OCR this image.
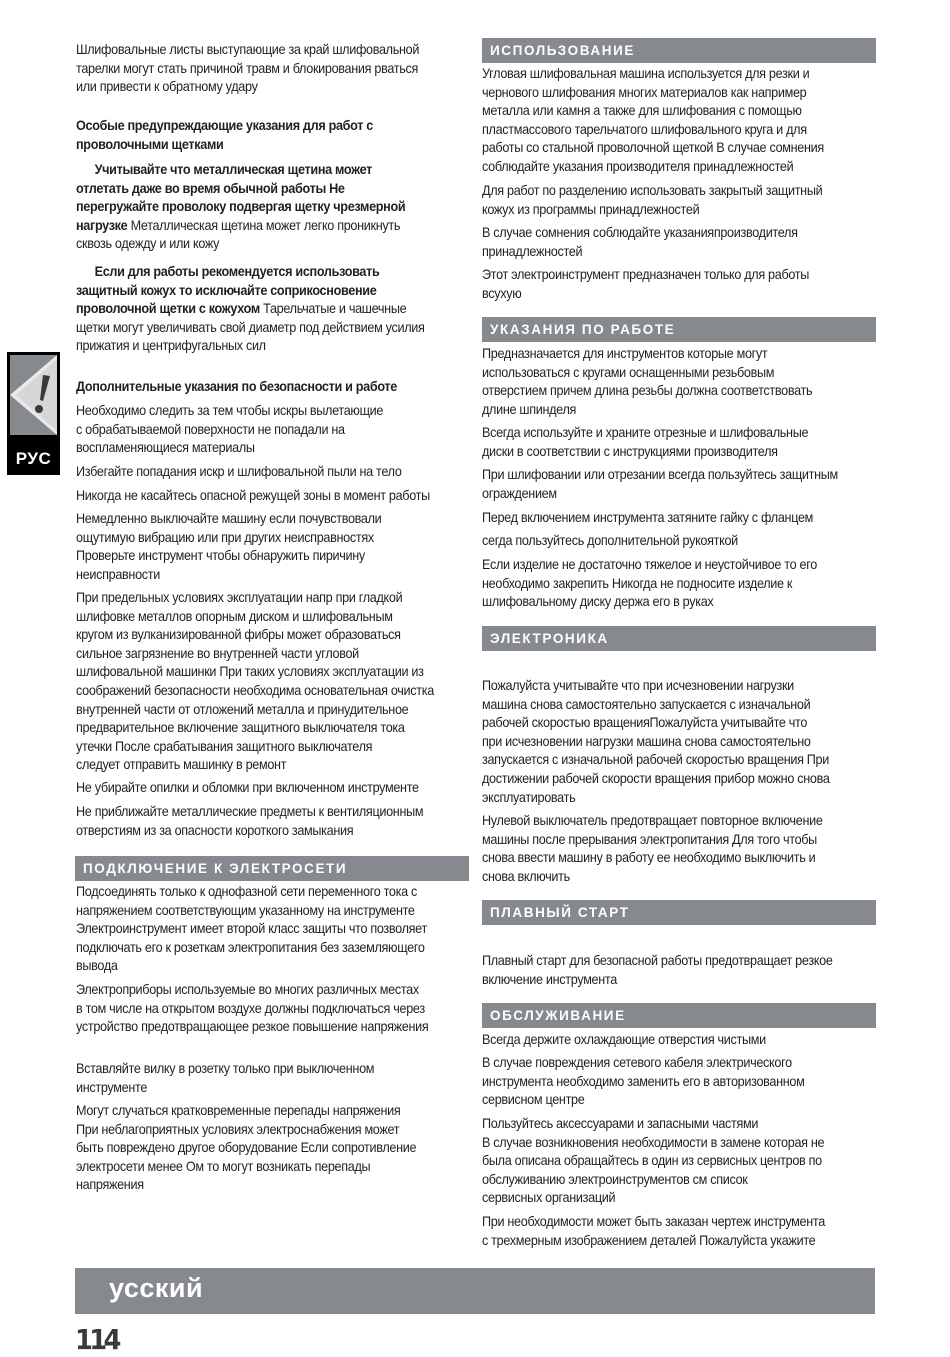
РУС

Шлифовальные листы выступающие за край шлифовальной
тарелки могут стать причиной травм и блокирования рваться
или привести к обратному удару

Особые предупреждающие указания для работ с
проволочными щетками

Учитывайте что металлическая щетина может
отлетать даже во время обычной работы Не
перегружайте проволоку подвергая щетку чрезмерной
нагрузке Металлическая щетина может легко проникнуть
сквозь одежду и или кожу

Если для работы рекомендуется использовать
защитный кожух то исключайте соприкосновение
проволочной щетки с кожухом Тарельчатые и чашечные
щетки могут увеличивать свой диаметр под действием усилия
прижатия и центрифугальных сил

Дополнительные указания по безопасности и работе

Необходимо следить за тем чтобы искры вылетающие
с обрабатываемой поверхности не попадали на
воспламеняющиеся материалы

Избегайте попадания искр и шлифовальной пыли на тело

Никогда не касайтесь опасной режущей зоны в момент работы

Немедленно выключайте машину если почувствовали
ощутимую вибрацию или при других неисправностях
Проверьте инструмент чтобы обнаружить пиричину
неисправности

При предельных условиях эксплуатации напр при гладкой
шлифовке металлов опорным диском и шлифовальным
кругом из вулканизированной фибры может образоваться
сильное загрязнение во внутренней части угловой
шлифовальной машинки При таких условиях эксплуатации из
соображений безопасности необходима основательная очистка
внутренней части от отложений металла и принудительное
предварительное включение защитного выключателя тока
утечки После срабатывания защитного выключателя
следует отправить машинку в ремонт

Не убирайте опилки и обломки при включенном инструменте

Не приближайте металлические предметы к вентиляционным
отверстиям из за опасности короткого замыкания

ПОДКЛЮЧЕНИЕ К ЭЛЕКТРОСЕТИ

Подсоединять только к однофазной сети переменного тока с
напряжением соответствующим указанному на инструменте
Электроинструмент имеет второй класс защиты что позволяет
подключать его к розеткам электропитания без заземляющего
вывода

Электроприборы используемые во многих различных местах
в том числе на открытом воздухе должны подключаться через
устройство предотвращающее резкое повышение напряжения

Вставляйте вилку в розетку только при выключенном
инструменте

Могут случаться кратковременные перепады напряжения
При неблагоприятных условиях электроснабжения может
быть повреждено другое оборудование Если сопротивление
электросети менее Ом то могут возникать перепады
напряжения

ИСПОЛЬЗОВАНИЕ

Угловая шлифовальная машина используется для резки и
чернового шлифования многих материалов как например
металла или камня а также для шлифования с помощью
пластмассового тарельчатого шлифовального круга и для
работы со стальной проволочной щеткой В случае сомнения
соблюдайте указания производителя принадлежностей

Для работ по разделению использовать закрытый защитный
кожух из программы принадлежностей

В случае сомнения соблюдайте указанияпроизводителя
принадлежностей

Этот электроинструмент предназначен только для работы
всухую

УКАЗАНИЯ ПО РАБОТЕ

Предназначается для инструментов которые могут
использоваться с кругами оснащенными резьбовым
отверстием причем длина резьбы должна соответствовать
длине шпинделя

Всегда используйте и храните отрезные и шлифовальные
диски в соответствии с инструкциями производителя

При шлифовании или отрезании всегда пользуйтесь защитным
ограждением

Перед включением инструмента затяните гайку с фланцем

сегда пользуйтесь дополнительной рукояткой

Если изделие не достаточно тяжелое и неустойчивое то его
необходимо закрепить Никогда не подносите изделие к
шлифовальному диску держа его в руках

ЭЛЕКТРОНИКА

Пожалуйста учитывайте что при исчезновении нагрузки
машина снова самостоятельно запускается с изначальной
рабочей скоростью вращенияПожалуйста учитывайте что
при исчезновении нагрузки машина снова самостоятельно
запускается с изначальной рабочей скоростью вращения При
достижении рабочей скорости вращения прибор можно снова
эксплуатировать

Нулевой выключатель предотвращает повторное включение
машины после прерывания электропитания Для того чтобы
снова ввести машину в работу ее необходимо выключить и
снова включить

ПЛАВНЫЙ СТАРТ

Плавный старт для безопасной работы предотвращает резкое
включение инструмента

ОБСЛУЖИВАНИЕ

Всегда держите охлаждающие отверстия чистыми

В случае повреждения сетевого кабеля электрического
инструмента необходимо заменить его в авторизованном
сервисном центре

Пользуйтесь аксессуарами и запасными частями
В случае возникновения необходимости в замене которая не
была описана обращайтесь в один из сервисных центров по
обслуживанию электроинструментов см список
сервисных организаций

При необходимости может быть заказан чертеж инструмента
с трехмерным изображением деталей Пожалуйста укажите

усский
114
